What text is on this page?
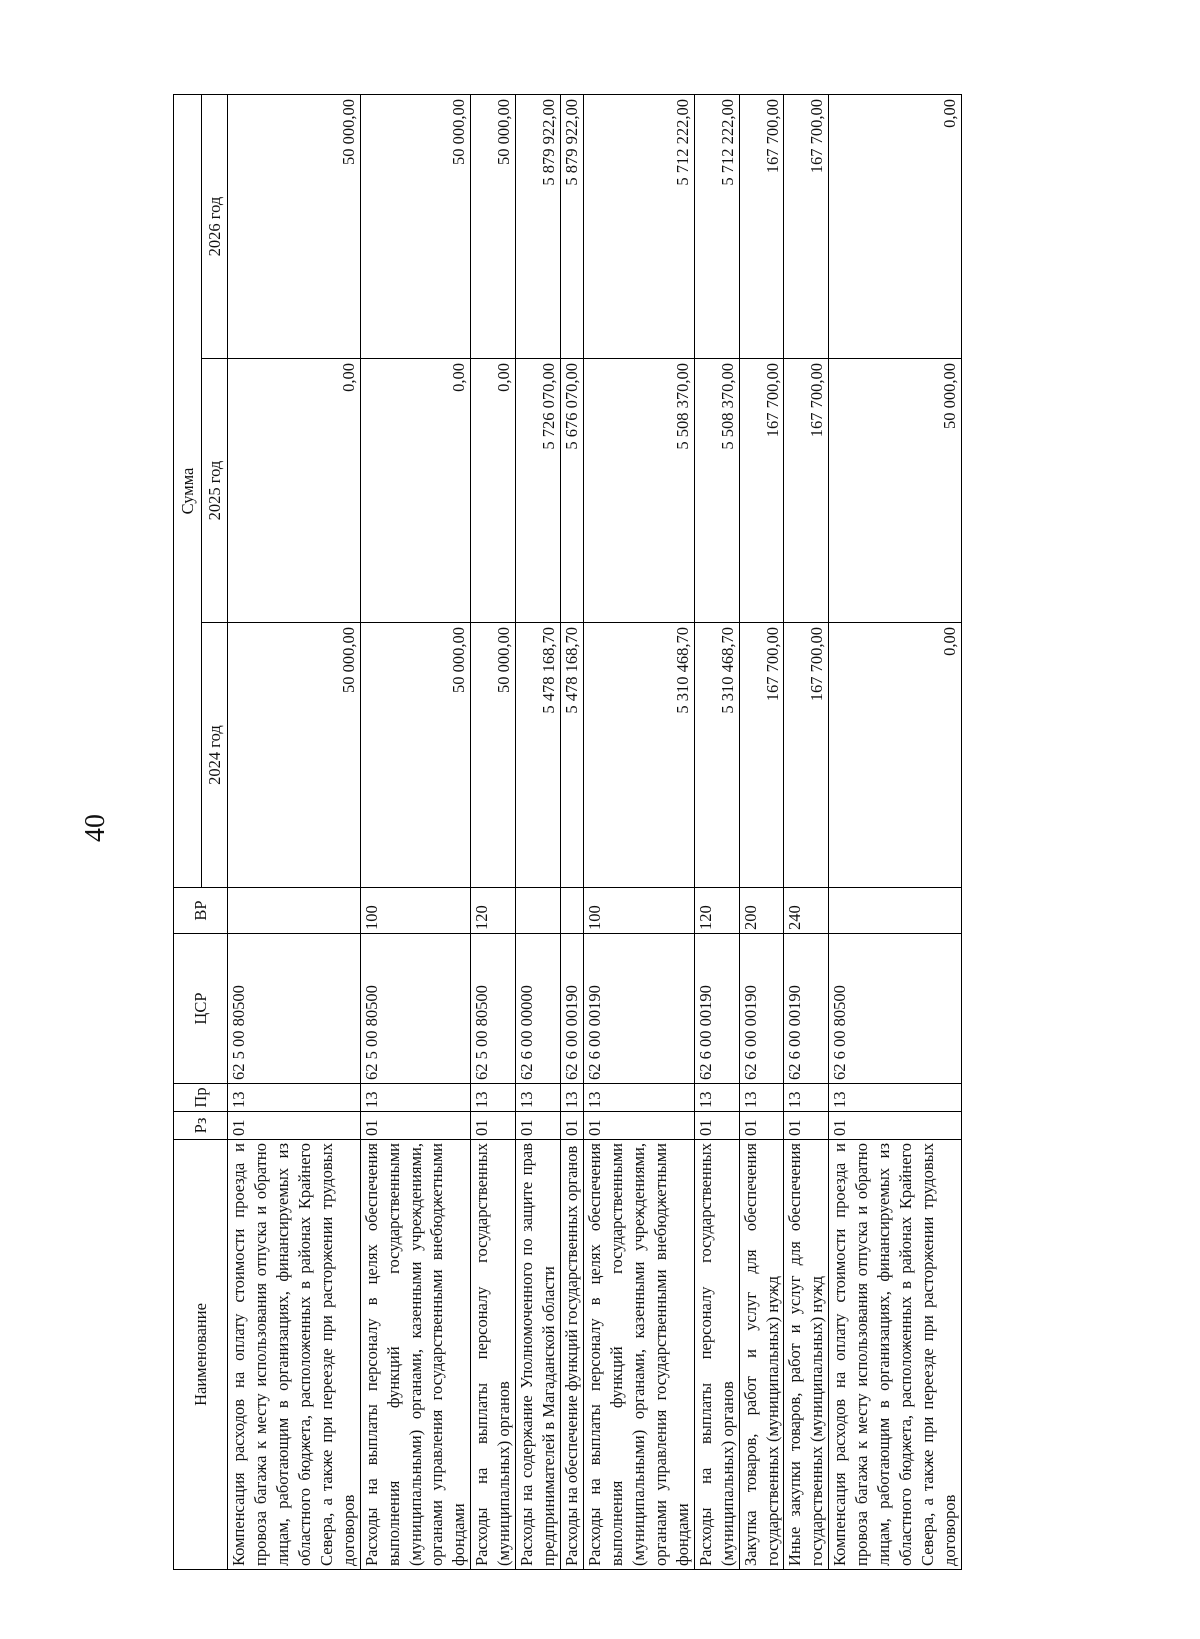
40
Наименование	Рз	Пр	ЦСР	ВР	Сумма		
					2024 год	2025 год	2026 год
Компенсация расходов на оплату стоимости проезда и провоза багажа к месту использования отпуска и обратно лицам, работающим в организациях, финансируемых из областного бюджета, расположенных в районах Крайнего Севера, а также при переезде при расторжении трудовых договоров	01	13	62 5 00 80500		50 000,00	0,00	50 000,00
Расходы на выплаты персоналу в целях обеспечения выполнения функций государственными (муниципальными) органами, казенными учреждениями, органами управления государственными внебюджетными фондами	01	13	62 5 00 80500	100	50 000,00	0,00	50 000,00
Расходы на выплаты персоналу государственных (муниципальных) органов	01	13	62 5 00 80500	120	50 000,00	0,00	50 000,00
Расходы на содержание Уполномоченного по защите прав предпринимателей в Магаданской области	01	13	62 6 00 00000		5 478 168,70	5 726 070,00	5 879 922,00
Расходы на обеспечение функций государственных органов	01	13	62 6 00 00190		5 478 168,70	5 676 070,00	5 879 922,00
Расходы на выплаты персоналу в целях обеспечения выполнения функций государственными (муниципальными) органами, казенными учреждениями, органами управления государственными внебюджетными фондами	01	13	62 6 00 00190	100	5 310 468,70	5 508 370,00	5 712 222,00
Расходы на выплаты персоналу государственных (муниципальных) органов	01	13	62 6 00 00190	120	5 310 468,70	5 508 370,00	5 712 222,00
Закупка товаров, работ и услуг для обеспечения государственных (муниципальных) нужд	01	13	62 6 00 00190	200	167 700,00	167 700,00	167 700,00
Иные закупки товаров, работ и услуг для обеспечения государственных (муниципальных) нужд	01	13	62 6 00 00190	240	167 700,00	167 700,00	167 700,00
Компенсация расходов на оплату стоимости проезда и провоза багажа к месту использования отпуска и обратно лицам, работающим в организациях, финансируемых из областного бюджета, расположенных в районах Крайнего Севера, а также при переезде при расторжении трудовых договоров	01	13	62 6 00 80500		0,00	50 000,00	0,00
